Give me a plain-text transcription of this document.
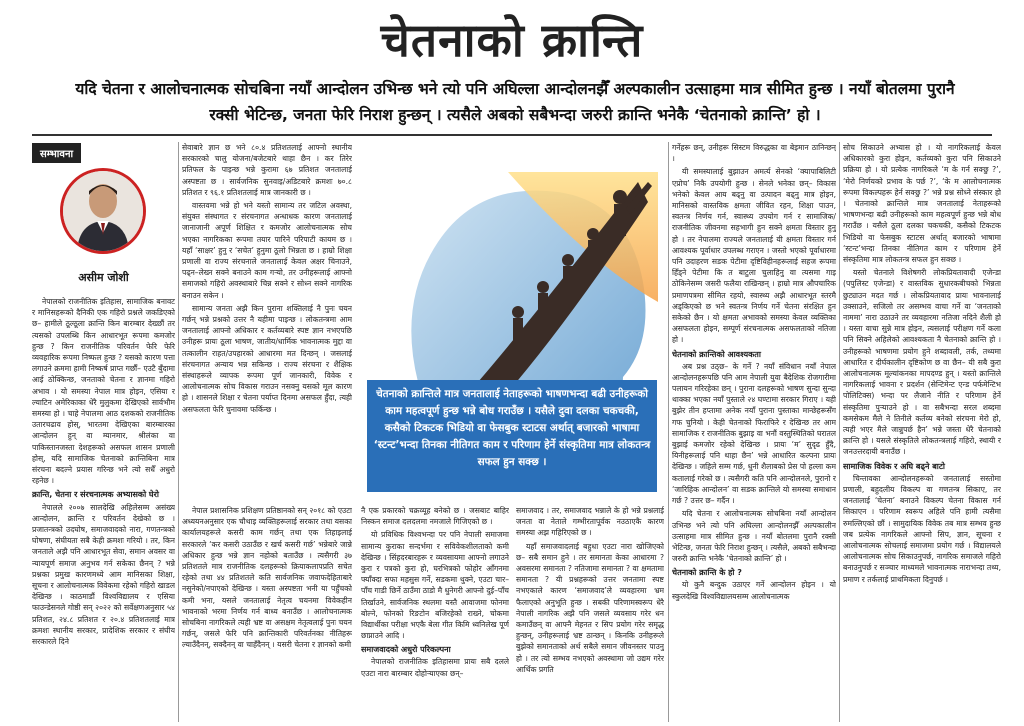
चेतनाको क्रान्ति
यदि चेतना र आलोचनात्मक सोचबिना नयाँ आन्दोलन उभिन्छ भने त्यो पनि अघिल्ला आन्दोलनझैँ अल्पकालीन उत्साहमा मात्र सीमित हुन्छ । नयाँ बोतलमा पुरानै रक्सी भेटिन्छ, जनता फेरि निराश हुन्छन् । त्यसैले अबको सबैभन्दा जरुरी क्रान्ति भनेकै ‘चेतनाको क्रान्ति’ हो ।
सम्भावना
असीम जोशी

नेपालको राजनीतिक इतिहास, सामाजिक बनावट र मानिसहरूको दैनिकी एक गहिरो प्रश्नले जकडिएको छ– हामीले ठूल्ठूला क्रान्ति किन बारम्बार देख्छौं तर त्यसको उपलब्धि किन आधारभूत रूपमा कमजोर हुन्छ ? किन राजनीतिक परिवर्तन फेरि फेरि व्यवहारिक रूपमा निष्फल हुन्छ ? यसको कारण पत्ता लगाउने क्रममा हामी निष्कर्ष प्राप्त गर्छौं– एउटै बुँदामा आई ठोक्किन्छ, जनताको चेतना र ज्ञानमा गहिरो अभाव । यो समस्या नेपाल मात्र होइन, एसिया र ल्याटिन अमेरिकाका धेरै मुलुकमा देखिएको सार्वभौम समस्या हो । चाहे नेपालमा आठ दशकको राजनीतिक उतारचढाव होस्, भारतमा देखिएका बारम्बारका आन्दोलन हुन् वा म्यानमार, श्रीलंका वा पाकिस्तानजस्ता देशहरूको असफल शासन प्रणाली होस्, यदि सामाजिक चेतनाको क्रान्तिबिना मात्र संरचना बदल्ने प्रयास गरिन्छ भने त्यो सधैँ अधुरो रहनेछ ।

क्रान्ति, चेतना र संरचनात्मक अभ्यासको घेरो

नेपालले २००७ सालदेखि अहिलेसम्म असंख्य आन्दोलन, क्रान्ति र परिवर्तन देखेको छ । प्रजातन्त्रको उदघोष, समाजवादको नारा, गणतन्त्रको घोषणा, संघीयता सबै केही क्रमशः गरियो । तर, किन जनताले अझै पनि आधारभूत सेवा, समान अवसर वा न्यायपूर्ण समाज अनुभव गर्न सकेका छैनन् ? भन्ने प्रश्नका प्रमुख कारणमध्ये आम मानिसका शिक्षा, सूचना र आलोचनात्मक विवेकमा रहेको गहिरो खाडल देखिन्छ । काठमाडौं विश्वविद्यालय र एसिया फाउन्डेसनले गोष्ठी सन् २०२२ को सर्वेक्षणअनुसार ५४ प्रतिशत, २४.८ प्रतिशत र २०.४ प्रतिशतलाई मात्र क्रमशः स्थानीय सरकार, प्रादेशिक सरकार र संघीय सरकारले दिने

सेवाबारे ज्ञान छ भने ८०.४ प्रतिशतलाई आफ्नो स्थानीय सरकारको चालु योजना/बजेटबारे थाहा छैन । कर तिरेर प्रतिफल के पाइन्छ भन्ने कुरामा ६७ प्रतिशत जनतालाई अस्पष्टता छ । सार्वजनिक सुनवाइ/अडिटबारे क्रमशः ७०.८ प्रतिशत र ९६.१ प्रतिशतलाई मात्र जानकारी छ ।

वास्तवमा भन्ने हो भने यस्तो सामान्य तर जटिल अवस्था, संयुक्त संस्थागत र संरचनागत अन्धाधक कारण जनतालाई जानाजानी अपूर्ण शिक्षित र कमजोर आलोचनात्मक सोच भएका नागरिकका रूपमा तयार पारिने परिपाटी कायम छ । यहाँ ‘साक्षर’ हुनु र ‘सचेत’ हुनुमा ठूलो भिन्नता छ । हाम्रो शिक्षा प्रणाली वा राज्य संरचनाले जनतालाई केवल अक्षर चिनाउने, पढ्न–लेख्न सक्ने बनाउने काम गऱ्यो, तर उनीहरूलाई आफ्नो समाजको गहिरो अवस्थाबारे चिन्न सक्ने र सोध्न सक्ने नागरिक बनाउन सकेन ।

सामान्य जनता अझै किन पुराना शक्तिलाई नै पुनः चयन गर्छन् भन्ने प्रश्नको उत्तर नै यहीमा पाइन्छ । लोकतन्त्रमा आम जनतालाई आफ्नो अधिकार र कर्तव्यबारे स्पष्ट ज्ञान नभएपछि उनीहरू प्रायः ठूला भाषण, जातीय/धार्मिक भावनात्मक मुद्दा वा तत्कालीन राहत/उपहारको आधारमा मत दिन्छन् । जसलाई संरचनागत अन्याय भन्न सकिन्छ । राज्य संरचना र शैक्षिक संस्थाहरूले व्यापक रूपमा पूर्ण जानकारी, विवेक र आलोचनात्मक सोच विकास गराउन नसक्नु यसको मूल कारण हो । शासनले शिक्षा र चेतना पर्याप्त दिनमा असफल हुँदा, त्यही असफलता फेरि चुनावमा फर्किन्छ ।

नेपाल प्रशासनिक प्रशिक्षण प्रतिष्ठानको सन् २०१८ को एउटा अध्ययनअनुसार एक चौथाइ व्यक्तिहरूलाई सरकार तथा यसका कार्यालयहरूले कसरी काम गर्छन् तथा एक तिहाइलाई सरकारले ‘कर कसरी उठाउँछ र खर्च कसरी गर्छ’ भन्नेबारे जान्ने अधिकार हुन्छ भन्ने ज्ञान नहोको बताउँछ । त्यसैगरी ३७ प्रतिशतले मात्र राजनीतिक दलहरूको क्रियाकलापप्रति सचेत रहेको तथा ४४ प्रतिशतले कति सार्वजनिक जवाफदेहिताबारे नसुनेको/नपाएको देखिन्छ । यस्ता अस्पष्टता भनी या पहुँचको कमी भना, यसले जनतालाई नेतृत्व चयनमा विवेकहीन भावनाको भरमा निर्णय गर्न बाध्य बनाउँछ । आलोचनात्मक सोचबिना नागरिकले त्यही भ्रष्ट वा असक्षम नेतृत्वलाई पुनः चयन गर्छन्, जसले फेरि पनि क्रान्तिकारी परिवर्तनका नीतिहरू ल्याउँदैनन्, सक्दैनन् वा चाहँदैनन् । यसरी चेतना र ज्ञानको कमी

चेतनाको क्रान्तिले मात्र जनतालाई नेताहरूको भाषणभन्दा बढी उनीहरूको काम महत्वपूर्ण हुन्छ भन्ने बोध गराउँछ । यसैले दुवा दलका चकचकी, कसैको टिकटक भिडियो वा फेसबुक स्टाटस अर्थात् बजारको भाषामा ‘स्टन्ट’भन्दा तिनका नीतिगत काम र परिणाम हेर्ने संस्कृतिमा मात्र लोकतन्त्र सफल हुन सक्छ ।

नै एक प्रकारको चक्रव्यूह बनेको छ । जसबाट बाहिर निस्कन समाज दलदलमा नमजाले गिजिएको छ ।

यो प्रविधिक विश्वभन्दा पर पनि नेपाली समाजमा सामान्य कुराका सन्दर्भमा र सविवेकशीलताको कमी देखिन्छ । सिंहदरबारहरू र व्यवसायमा आफ्नो लगाउने कुरा र पत्रको कुरा हो, घरभित्रको फोहोर आँगनमा फ्याँक्दा सफा महसुस गर्ने, सडकमा थुक्ने, एउटा चार–पाँच गाडी छिर्ने ठाउँमा ठाडो मै धुनेगरी आफ्नो दुई–पाँच तिर्खाउने, सार्वजनिक स्थलमा यस्तै आवाजमा फोनमा बोल्ने, फोनको रिङटोन बजिरहेको राख्ने, चोकमा विद्यार्थीका परीक्षा भएकै बेला गीत किमि ध्वनिलेख पूर्ण छाप्नाउने आदि ।

समाजवादको अधुरो परिकल्पना

नेपालको राजनीतिक इतिहासमा प्रायः सबै दलले एउटा नारा बारम्बार दोहोऱ्याएका छन्–

समाजवाद । तर, समाजवाद भन्नाले के हो भन्ने प्रश्नलाई जनता वा नेताले गम्भीरतापूर्वक नउठाएकै कारण समस्या अझ गहिरिएको छ ।

यहाँ समाजवादलाई बहुधा एउटा नारा खोजिएको छ– सबै समान हुने । तर समानता केका आधारमा ? अवसरमा समानता ? नतिजामा समानता ? वा क्षमतामा समानता ? यी प्रश्नहरूको उत्तर जनतामा स्पष्ट नभएकाले कारण ‘समाजवाद’ले व्यवहारमा भ्रम फैलाएको अनुभूति हुन्छ । सबकी परिणामस्वरूप धेरै नेपाली नागरिक अझै पनि जसले व्यवसाय गरेर धन कमाउँछन् वा आफ्नै मेहनत र सिप प्रयोग गरेर समृद्ध हुन्छन्, उनीहरूलाई भ्रष्ट ठान्छन् । किनकि उनीहरूले बुझेको समानताको अर्थ सबैले समान जीवनस्तर पाउनु हो । तर त्यो सम्भव नभएको अवस्थामा जो उद्यम गरेर आर्थिक प्रगति

गर्नेहरू छन्, उनीहरू सिस्टम विरुद्धका वा बेइमान ठानिन्छन् ।

यी समस्यालाई बुझाउन अमर्त्य सेनको ‘क्यापाबिलिटी एप्रोच’ निकै उपयोगी हुन्छ । सेनले भनेका छन्– विकास भनेको केवल आय बढ्नु वा उत्पादन बढ्नु मात्र होइन, मानिसको वास्तविक क्षमता जीवित रहन, शिक्षा पाउन, स्वतन्त्र निर्णय गर्न, स्वास्थ्य उपयोग गर्न र सामाजिक/राजनीतिक जीवनमा सहभागी हुन सक्ने क्षमता विस्तार हुनु हो । तर नेपालमा राज्यले जनतालाई यी क्षमता विस्तार गर्न आवश्यक पूर्वाधार उपलब्ध गराएन । जस्तो भएको पूर्वाधारमा पनि उदाहरण सडक पेटीमा दृष्टिविहीनहरूलाई सहज रूपमा हिँड्ने पेटीमा कि त बाटुला चुलाहिनु वा त्यसमा गाइ ठोकिनेसम्म जसरी फलैया राखिन्छन् । हाम्रो मात्र औपचारिक प्रमाणपत्रमा सीमित रहयो, स्वास्थ्य अझै आधारभूत स्तरमै अड्किएको छ भने स्वतन्त्र निर्णय गर्ने चेतना संरक्षित हुन सकेको छैन । यो क्षमता अभावको समस्या केवल व्यक्तिका असफलता होइन, सम्पूर्ण संरचनात्मक असफलताको नतिजा हो ।

चेतनाको क्रान्तिको आवश्यकता

अब प्रश्न उठ्छ– के गर्ने ? नयाँ संविधान नयाँ नेपाल आन्दोलनहरूपछि पनि आम नेपाली युवा बैदेशिक रोजगारीमा पलायन गरिरहेका छन् । पुराना दलहरूको भाषण सुन्दा सुन्दा थाक्का भएका नयाँ पुस्ताले २४ घण्टामा सरकार गिराए । यही बुझेर तीन हप्तामा अनेक नयाँ पुराना पुस्ताका मान्छेहरूसँग गफ चुनियो । केही चेतनाको फिराफिरे र देखिन्छ तर आम सामाजिक र राजनीतिक बुझाइ वा भनौं वस्तुस्थितिको घरातल बुझाई कमजोर रहेको देखिन्छ । प्रायः ‘म’ सुदृढ हुँदै, यिनीहरूलाई पनि थाहा छैन’ भन्ने आधारित कल्पना प्रायः देखिन्छ । जहिले सम्म गर्छ, धुनी शैलाबको प्रेस पो हल्ला कम कतालाई गरेको छ । त्यसैगरी कति पनि आन्दोलनले, पुरानो र ‘जारिहिक आन्दोलन’ वा सडक क्रान्तिले यो समस्या समाधान गर्छ ? उत्तर छ– गर्दैन ।

यदि चेतना र आलोचनात्मक सोचबिना नयाँ आन्दोलन उभिन्छ भने त्यो पनि अघिल्ला आन्दोलनझैँ अल्पकालीन उत्साहमा मात्र सीमित हुन्छ । नयाँ बोतलमा पुरानै रक्सी भेटिन्छ, जनता फेरि निराश हुन्छन् । त्यसैले, अबको सबैभन्दा जरुरी क्रान्ति भनेकै ‘चेतनाको क्रान्ति’ हो ।

चेतनाको क्रान्ति के हो ?

यो कुनै बन्दुक उठाएर गर्ने आन्दोलन होइन । यो स्कुलदेखि विश्वविद्यालयसम्म आलोचनात्मक

सोच सिकाउने अभ्यास हो । यो नागरिकलाई केवल अधिकारको कुरा होइन, कर्तव्यको कुरा पनि सिकाउने प्रक्रिया हो । यो प्रत्येक नागरिकले ‘म के गर्न सक्छु ?’, ‘मेरो निर्णयको प्रभाव के पर्छ ?’, ‘के म आलोचनात्मक रूपमा विकल्पहरू हेर्न सक्छु ?’ भन्ने प्रश्न सोध्ने संस्कार हो । चेतनाको क्रान्तिले मात्र जनतालाई नेताहरूको भाषणभन्दा बढी उनीहरूको काम महत्वपूर्ण हुन्छ भन्ने बोध गराउँछ । यसैले ठूला दलका चकचकी, कसैको टिकटक भिडियो वा फेसबुक स्टाटस अर्थात् बजारको भाषामा ‘स्टन्ट’भन्दा तिनका नीतिगत काम र परिणाम हेर्ने संस्कृतिमा मात्र लोकतन्त्र सफल हुन सक्छ ।

यस्तो चेतनाले विशेषगरी लोकप्रियतावादी एजेन्डा (पपुलिस्ट एजेन्डा) र वास्तविक सुधारकबीचको भिन्नता छुट्याउन मदत गर्छ । लोकप्रियतावाद प्रायः भावनालाई उक्साउने, सजिलो तर असम्भव वाचा गर्ने वा ‘जनताको नाममा’ नारा उठाउने तर व्यवहारमा नतिजा नदिने शैली हो । यस्ता वाचा सुन्ने मात्र होइन, त्यसलाई परीक्षण गर्ने कला पनि सिक्ने अहिलेको आवश्यकता नै चेतनाको क्रान्ति हो । उनीहरूको भाषणमा प्रयोग हुने शब्दावली, तर्क, तथ्यमा आधारित र दीर्घकालीन दृष्टिकोण छ वा छैन– यी सबै कुरा आलोचनात्मक मूल्यांकनका मापदण्ड हुन् । यस्तो क्रान्तिले नागरिकलाई भावना र प्रदर्शन (सेन्टिमेन्ट एन्ड पर्फमेन्टिभ पोलिटिक्स) भन्दा पर लैजाने नीति र परिणाम हेर्ने संस्कृतिमा पुऱ्याउने हो । वा सबैभन्दा सरल शब्दमा कमसेकम मैले ने तिनीले कर्तव्य बनेको संरचना मेरो हो, त्यही भएर मैले जान्नुपर्छ हैन’ भन्ने जस्ता धेरै चेतनाको क्रान्ति हो । यसले संस्कृतिले लोकतन्त्रलाई गहिरो, स्थायी र जनउत्तरदायी बनाउँछ ।

सामाजिक विवेक र अघि बढ्ने बाटो

चिन्तावका आन्दोलनहरूको जनतालाई सस्तोमा प्रणाली, बहुदलीय विकल्प वा गणतन्त्र सिकाए, तर जनतालाई ‘चेतना’ बनाउने विकल्प चेतना विकास गर्न सिकाएन । परिणाम स्वरूप अहिले पनि हामी त्यसैमा रुमल्लिएको छौं । सामुदायिक विवेक तब मात्र सम्भव हुन्छ जब प्रत्येक नागरिकले आफ्नो सिप, ज्ञान, सूचना र आलोचनात्मक सोचलाई समाजमा प्रयोग गर्छ । विद्यालयले आलोचनात्मक सोच सिकाउनुपर्छ, नागरिक समाजले गहिरो बनाउनुपर्छ र सञ्चार माध्यमले भावनात्मक नाराभन्दा तथ्य, प्रमाण र तर्कलाई प्राथमिकता दिनुपर्छ ।
